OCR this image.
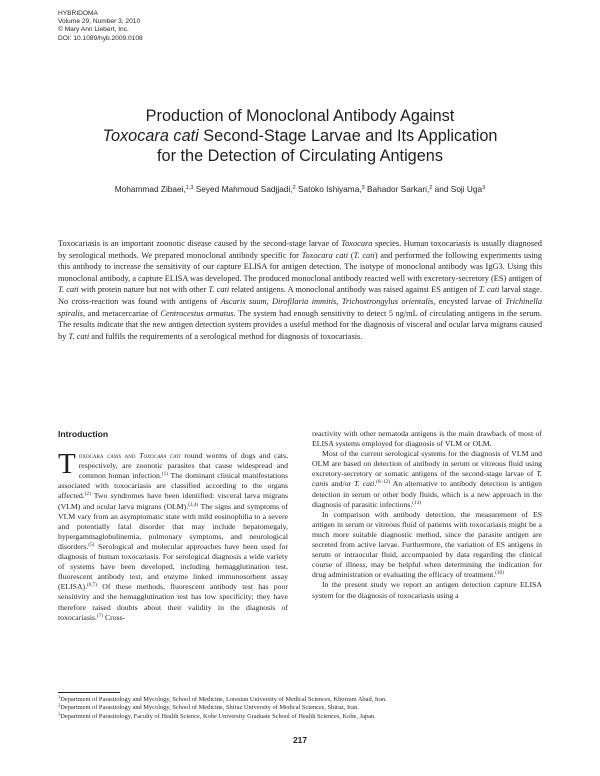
HYBRIDOMA
Volume 29, Number 3, 2010
© Mary Ann Liebert, Inc.
DOI: 10.1089/hyb.2009.0108
Production of Monoclonal Antibody Against
Toxocara cati Second-Stage Larvae and Its Application
for the Detection of Circulating Antigens
Mohammad Zibaei,$^{1,3}$ Seyed Mahmoud Sadjjadi,$^2$ Satoko Ishiyama,$^3$ Bahador Sarkari,$^2$ and Soji Uga$^3$
Toxocariasis is an important zoonotic disease caused by the second-stage larvae of Toxocara species. Human toxocariasis is usually diagnosed by serological methods. We prepared monoclonal antibody specific for Toxocara cati (T. cati) and performed the following experiments using this antibody to increase the sensitivity of our capture ELISA for antigen detection. The isotype of monoclonal antibody was IgG3. Using this monoclonal antibody, a capture ELISA was developed. The produced monoclonal antibody reacted well with excretory-secretory (ES) antigen of T. cati with protein nature but not with other T. cati related antigens. A monoclonal antibody was raised against ES antigen of T. cati larval stage. No cross-reaction was found with antigens of Ascaris suum, Dirofilaria immitis, Trichostrongylus orientalis, encysted larvae of Trichinella spiralis, and metacercariae of Centrocestus armatus. The system had enough sensitivity to detect 5 ng/mL of circulating antigens in the serum. The results indicate that the new antigen detection system provides a useful method for the diagnosis of visceral and ocular larva migrans caused by T. cati and fulfils the requirements of a serological method for diagnosis of toxocariasis.
Introduction

Toxocara canis and Toxocara cati round worms of dogs and cats, respectively, are zoonotic parasites that cause widespread and common human infection.$^{(1)}$ The dominant clinical manifestations associated with toxocariasis are classified according to the organs affected.$^{(2)}$ Two syndromes have been identified: visceral larva migrans (VLM) and ocular larva migrans (OLM).$^{(3,4)}$ The signs and symptoms of VLM vary from an asymptomatic state with mild eosinophilia to a severe and potentially fatal disorder that may include hepatomegaly, hypergammaglobulinemia, pulmonary symptoms, and neurological disorders.$^{(5)}$ Serological and molecular approaches have been used for diagnosis of human toxocariasis. For serological diagnosis a wide variety of systems have been developed, including hemagglutination test, fluorescent antibody test, and enzyme linked immunosorbent assay (ELISA).$^{(6,7)}$ Of these methods, fluorescent antibody test has poor sensitivity and the hemagglutination test has low specificity; they have therefore raised doubts about their validity in the diagnosis of toxocariasis.$^{(7)}$ Cross-

reactivity with other nematoda antigens is the main drawback of most of ELISA systems employed for diagnosis of VLM or OLM.

Most of the current serological systems for the diagnosis of VLM and OLM are based on detection of antibody in serum or vitreous fluid using excretory-secretory or somatic antigens of the second-stage larvae of T. canis and/or T. cati.$^{(8-12)}$ An alternative to antibody detection is antigen detection in serum or other body fluids, which is a new approach in the diagnosis of parasitic infections.$^{(13)}$

In comparison with antibody detection, the measurement of ES antigen in serum or vitreous fluid of patients with toxocariasis might be a much more suitable diagnostic method, since the parasite antigen are secreted from active larvae. Furthermore, the variation of ES antigens in serum or intraocular fluid, accompanied by data regarding the clinical course of illness, may be helpful when determining the indication for drug administration or evaluating the efficacy of treatment.$^{(10)}$

In the present study we report an antigen detection capture ELISA system for the diagnosis of toxocariasis using a

$^1$Department of Parasitology and Mycology, School of Medicine, Lorestan University of Medical Sciences, Khorram Abad, Iran.
$^2$Department of Parasitology and Mycology, School of Medicine, Shiraz University of Medical Sciences, Shiraz, Iran.
$^3$Department of Parasitology, Faculty of Health Science, Kobe University Graduate School of Health Sciences, Kobe, Japan.
217
